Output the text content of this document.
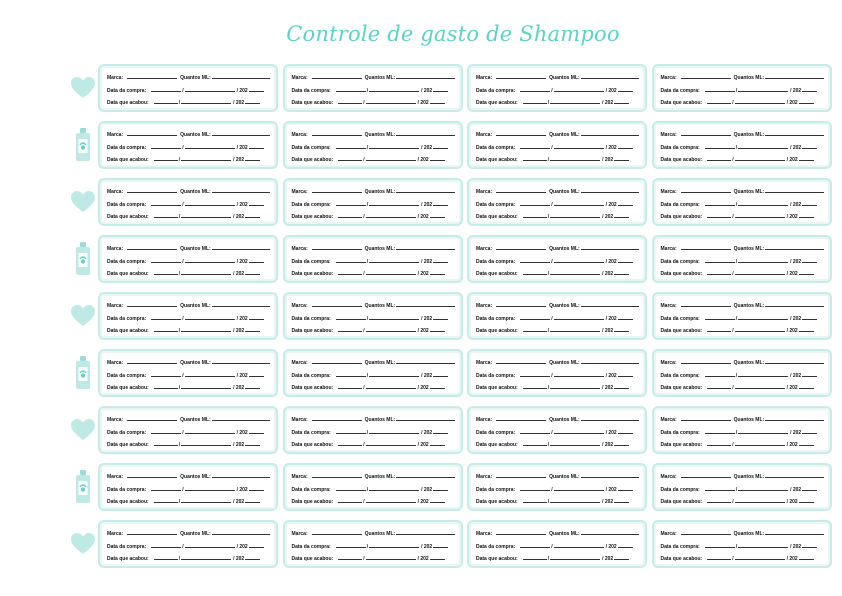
Controle de gasto de Shampoo
Marca:	Quantos ML:
Data da compra:	/	/ 202
Data que acabou:	/	/ 202
Marca:	Quantos ML:
Data da compra:	/	/ 202
Data que acabou:	/	/ 202
Marca:	Quantos ML:
Data da compra:	/	/ 202
Data que acabou:	/	/ 202
Marca:	Quantos ML:
Data da compra:	/	/ 202
Data que acabou:	/	/ 202
Marca:	Quantos ML:
Data da compra:	/	/ 202
Data que acabou:	/	/ 202
Marca:	Quantos ML:
Data da compra:	/	/ 202
Data que acabou:	/	/ 202
Marca:	Quantos ML:
Data da compra:	/	/ 202
Data que acabou:	/	/ 202
Marca:	Quantos ML:
Data da compra:	/	/ 202
Data que acabou:	/	/ 202
Marca:	Quantos ML:
Data da compra:	/	/ 202
Data que acabou:	/	/ 202
Marca:	Quantos ML:
Data da compra:	/	/ 202
Data que acabou:	/	/ 202
Marca:	Quantos ML:
Data da compra:	/	/ 202
Data que acabou:	/	/ 202
Marca:	Quantos ML:
Data da compra:	/	/ 202
Data que acabou:	/	/ 202
Marca:	Quantos ML:
Data da compra:	/	/ 202
Data que acabou:	/	/ 202
Marca:	Quantos ML:
Data da compra:	/	/ 202
Data que acabou:	/	/ 202
Marca:	Quantos ML:
Data da compra:	/	/ 202
Data que acabou:	/	/ 202
Marca:	Quantos ML:
Data da compra:	/	/ 202
Data que acabou:	/	/ 202
Marca:	Quantos ML:
Data da compra:	/	/ 202
Data que acabou:	/	/ 202
Marca:	Quantos ML:
Data da compra:	/	/ 202
Data que acabou:	/	/ 202
Marca:	Quantos ML:
Data da compra:	/	/ 202
Data que acabou:	/	/ 202
Marca:	Quantos ML:
Data da compra:	/	/ 202
Data que acabou:	/	/ 202
Marca:	Quantos ML:
Data da compra:	/	/ 202
Data que acabou:	/	/ 202
Marca:	Quantos ML:
Data da compra:	/	/ 202
Data que acabou:	/	/ 202
Marca:	Quantos ML:
Data da compra:	/	/ 202
Data que acabou:	/	/ 202
Marca:	Quantos ML:
Data da compra:	/	/ 202
Data que acabou:	/	/ 202
Marca:	Quantos ML:
Data da compra:	/	/ 202
Data que acabou:	/	/ 202
Marca:	Quantos ML:
Data da compra:	/	/ 202
Data que acabou:	/	/ 202
Marca:	Quantos ML:
Data da compra:	/	/ 202
Data que acabou:	/	/ 202
Marca:	Quantos ML:
Data da compra:	/	/ 202
Data que acabou:	/	/ 202
Marca:	Quantos ML:
Data da compra:	/	/ 202
Data que acabou:	/	/ 202
Marca:	Quantos ML:
Data da compra:	/	/ 202
Data que acabou:	/	/ 202
Marca:	Quantos ML:
Data da compra:	/	/ 202
Data que acabou:	/	/ 202
Marca:	Quantos ML:
Data da compra:	/	/ 202
Data que acabou:	/	/ 202
Marca:	Quantos ML:
Data da compra:	/	/ 202
Data que acabou:	/	/ 202
Marca:	Quantos ML:
Data da compra:	/	/ 202
Data que acabou:	/	/ 202
Marca:	Quantos ML:
Data da compra:	/	/ 202
Data que acabou:	/	/ 202
Marca:	Quantos ML:
Data da compra:	/	/ 202
Data que acabou:	/	/ 202
